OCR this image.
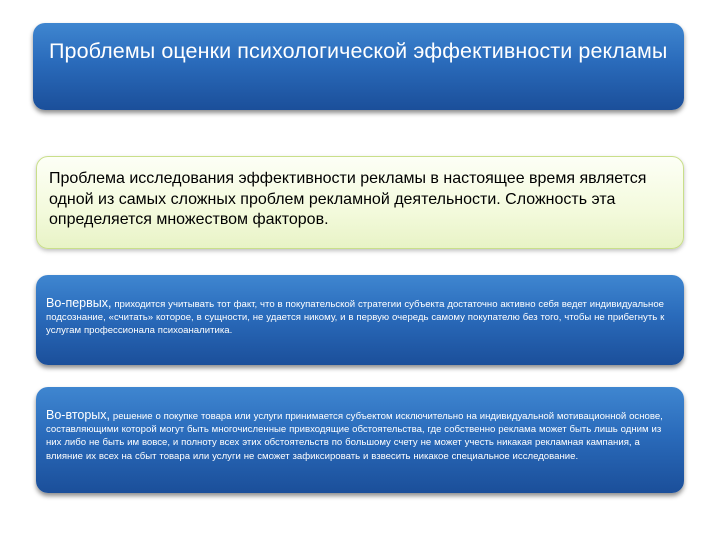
Проблемы оценки психологической эффективности рекламы

Проблема исследования эффективности рекламы в настоящее время является одной из самых сложных проблем рекламной деятельности. Сложность эта определяется множеством факторов.

Во-первых, приходится учитывать тот факт, что в покупательской стратегии субъекта достаточно активно себя ведет индивидуальное подсознание, «считать» которое, в сущности, не удается никому, и в первую очередь самому покупателю без того, чтобы не прибегнуть к услугам профессионала психоаналитика.

Во-вторых, решение о покупке товара или услуги принимается субъектом исключительно на индивидуальной мотивационной основе, составляющими которой могут быть многочисленные привходящие обстоятельства, где собственно реклама может быть лишь одним из них либо не быть им вовсе, и полноту всех этих обстоятельств по большому счету не может учесть никакая рекламная кампания, а влияние их всех на сбыт товара или услуги не сможет зафиксировать и взвесить никакое специальное исследование.
